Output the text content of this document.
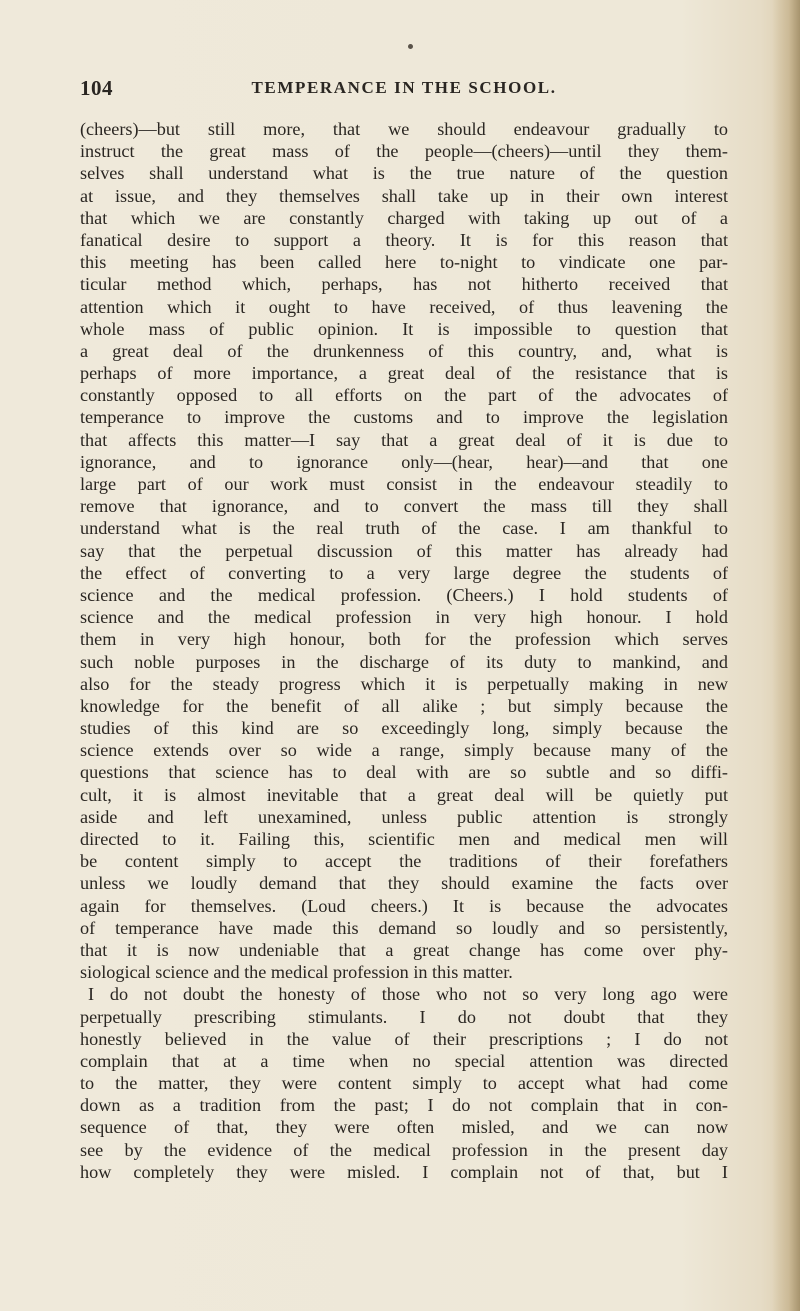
104	TEMPERANCE IN THE SCHOOL.
(cheers)—but still more, that we should endeavour gradually to
instruct the great mass of the people—(cheers)—until they them-
selves shall understand what is the true nature of the question
at issue, and they themselves shall take up in their own interest
that which we are constantly charged with taking up out of a
fanatical desire to support a theory. It is for this reason that
this meeting has been called here to-night to vindicate one par-
ticular method which, perhaps, has not hitherto received that
attention which it ought to have received, of thus leavening the
whole mass of public opinion. It is impossible to question that
a great deal of the drunkenness of this country, and, what is
perhaps of more importance, a great deal of the resistance that is
constantly opposed to all efforts on the part of the advocates of
temperance to improve the customs and to improve the legislation
that affects this matter—I say that a great deal of it is due to
ignorance, and to ignorance only—(hear, hear)—and that one
large part of our work must consist in the endeavour steadily to
remove that ignorance, and to convert the mass till they shall
understand what is the real truth of the case. I am thankful to
say that the perpetual discussion of this matter has already had
the effect of converting to a very large degree the students of
science and the medical profession. (Cheers.) I hold students of
science and the medical profession in very high honour. I hold
them in very high honour, both for the profession which serves
such noble purposes in the discharge of its duty to mankind, and
also for the steady progress which it is perpetually making in new
knowledge for the benefit of all alike ; but simply because the
studies of this kind are so exceedingly long, simply because the
science extends over so wide a range, simply because many of the
questions that science has to deal with are so subtle and so diffi-
cult, it is almost inevitable that a great deal will be quietly put
aside and left unexamined, unless public attention is strongly
directed to it. Failing this, scientific men and medical men will
be content simply to accept the traditions of their forefathers
unless we loudly demand that they should examine the facts over
again for themselves. (Loud cheers.) It is because the advocates
of temperance have made this demand so loudly and so persistently,
that it is now undeniable that a great change has come over phy-
siological science and the medical profession in this matter.
I do not doubt the honesty of those who not so very long ago were
perpetually prescribing stimulants. I do not doubt that they
honestly believed in the value of their prescriptions ; I do not
complain that at a time when no special attention was directed
to the matter, they were content simply to accept what had come
down as a tradition from the past; I do not complain that in con-
sequence of that, they were often misled, and we can now
see by the evidence of the medical profession in the present day
how completely they were misled. I complain not of that, but I
